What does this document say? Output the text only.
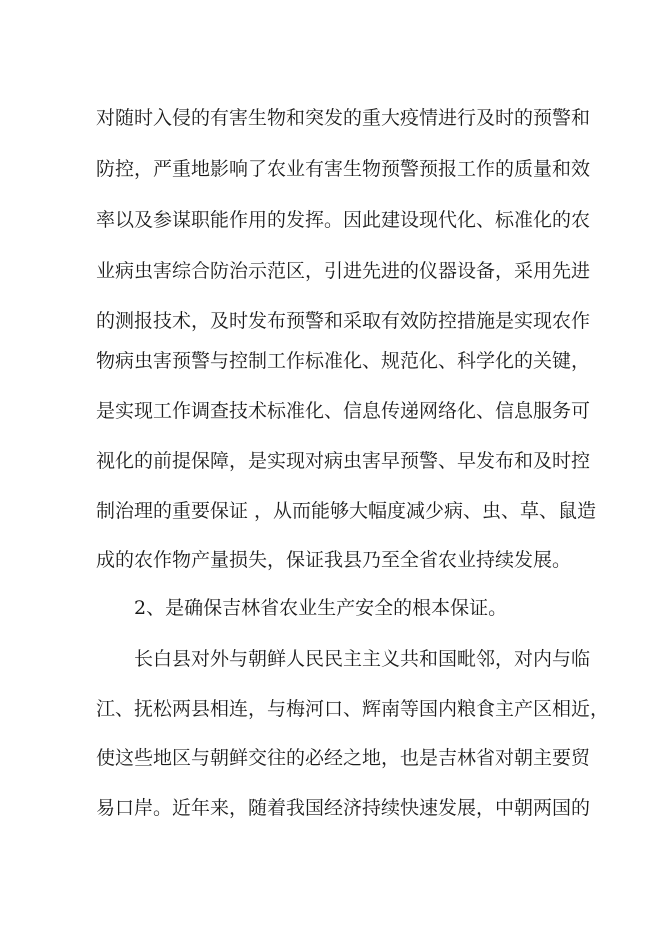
对随时入侵的有害生物和突发的重大疫情进行及时的预警和
防控，严重地影响了农业有害生物预警预报工作的质量和效
率以及参谋职能作用的发挥。因此建设现代化、标准化的农
业病虫害综合防治示范区，引进先进的仪器设备，采用先进
的测报技术，及时发布预警和采取有效防控措施是实现农作
物病虫害预警与控制工作标准化、规范化、科学化的关键，
是实现工作调查技术标准化、信息传递网络化、信息服务可
视化的前提保障，是实现对病虫害早预警、早发布和及时控
制治理的重要保证 ，从而能够大幅度减少病、虫、草、鼠造
成的农作物产量损失，保证我县乃至全省农业持续发展。
2、是确保吉林省农业生产安全的根本保证。
长白县对外与朝鲜人民民主主义共和国毗邻，对内与临
江、抚松两县相连，与梅河口、辉南等国内粮食主产区相近，
使这些地区与朝鲜交往的必经之地，也是吉林省对朝主要贸
易口岸。近年来，随着我国经济持续快速发展，中朝两国的
